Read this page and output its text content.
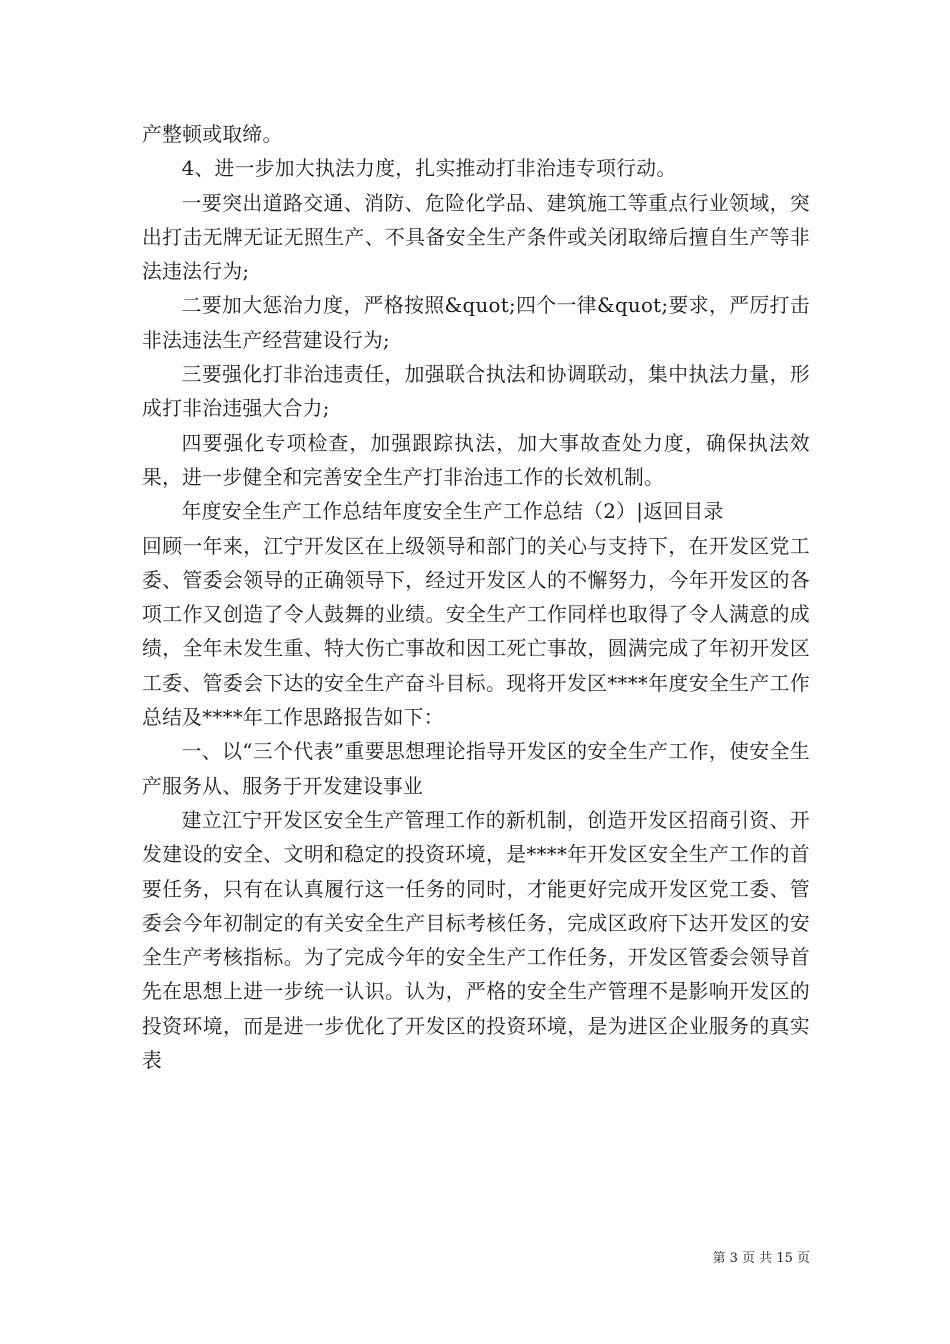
产整顿或取缔。

4、进一步加大执法力度，扎实推动打非治违专项行动。

一要突出道路交通、消防、危险化学品、建筑施工等重点行业领域，突出打击无牌无证无照生产、不具备安全生产条件或关闭取缔后擅自生产等非法违法行为;

二要加大惩治力度，严格按照&quot;四个一律&quot;要求，严厉打击非法违法生产经营建设行为;

三要强化打非治违责任，加强联合执法和协调联动，集中执法力量，形成打非治违强大合力;

四要强化专项检查，加强跟踪执法，加大事故查处力度，确保执法效果，进一步健全和完善安全生产打非治违工作的长效机制。

年度安全生产工作总结年度安全生产工作总结（2）|返回目录

回顾一年来，江宁开发区在上级领导和部门的关心与支持下，在开发区党工委、管委会领导的正确领导下，经过开发区人的不懈努力，今年开发区的各项工作又创造了令人鼓舞的业绩。安全生产工作同样也取得了令人满意的成绩，全年未发生重、特大伤亡事故和因工死亡事故，圆满完成了年初开发区工委、管委会下达的安全生产奋斗目标。现将开发区****年度安全生产工作总结及****年工作思路报告如下：

一、以“三个代表”重要思想理论指导开发区的安全生产工作，使安全生产服务从、服务于开发建设事业

建立江宁开发区安全生产管理工作的新机制，创造开发区招商引资、开发建设的安全、文明和稳定的投资环境，是****年开发区安全生产工作的首要任务，只有在认真履行这一任务的同时，才能更好完成开发区党工委、管委会今年初制定的有关安全生产目标考核任务，完成区政府下达开发区的安全生产考核指标。为了完成今年的安全生产工作任务，开发区管委会领导首先在思想上进一步统一认识。认为，严格的安全生产管理不是影响开发区的投资环境，而是进一步优化了开发区的投资环境，是为进区企业服务的真实表

第 3 页 共 15 页
